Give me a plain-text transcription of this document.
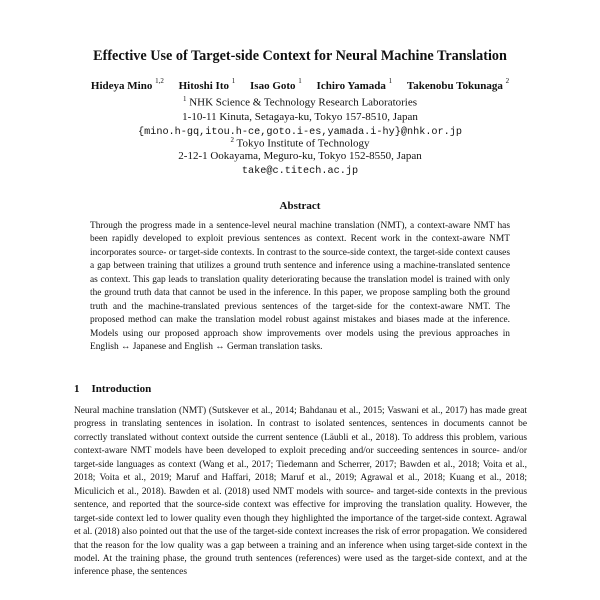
Effective Use of Target-side Context for Neural Machine Translation
Hideya Mino $^{1,2}$ Hitoshi Ito $^1$ Isao Goto $^1$ Ichiro Yamada $^1$ Takenobu Tokunaga $^2$
$^1$ NHK Science & Technology Research Laboratories
1-10-11 Kinuta, Setagaya-ku, Tokyo 157-8510, Japan
{mino.h-gq,itou.h-ce,goto.i-es,yamada.i-hy}@nhk.or.jp
$^2$ Tokyo Institute of Technology
2-12-1 Ookayama, Meguro-ku, Tokyo 152-8550, Japan
take@c.titech.ac.jp
Abstract
Through the progress made in a sentence-level neural machine translation (NMT), a context-aware NMT has been rapidly developed to exploit previous sentences as context. Recent work in the context-aware NMT incorporates source- or target-side contexts. In contrast to the source-side context, the target-side context causes a gap between training that utilizes a ground truth sentence and inference using a machine-translated sentence as context. This gap leads to translation quality deteriorating because the translation model is trained with only the ground truth data that cannot be used in the inference. In this paper, we propose sampling both the ground truth and the machine-translated previous sentences of the target-side for the context-aware NMT. The proposed method can make the translation model robust against mistakes and biases made at the inference. Models using our proposed approach show improvements over models using the previous approaches in English ↔ Japanese and English ↔ German translation tasks.
1 Introduction
Neural machine translation (NMT) (Sutskever et al., 2014; Bahdanau et al., 2015; Vaswani et al., 2017) has made great progress in translating sentences in isolation. In contrast to isolated sentences, sentences in documents cannot be correctly translated without context outside the current sentence (Läubli et al., 2018). To address this problem, various context-aware NMT models have been developed to exploit preceding and/or succeeding sentences in source- and/or target-side languages as context (Wang et al., 2017; Tiedemann and Scherrer, 2017; Bawden et al., 2018; Voita et al., 2018; Voita et al., 2019; Maruf and Haffari, 2018; Maruf et al., 2019; Agrawal et al., 2018; Kuang et al., 2018; Miculicich et al., 2018). Bawden et al. (2018) used NMT models with source- and target-side contexts in the previous sentence, and reported that the source-side context was effective for improving the translation quality. However, the target-side context led to lower quality even though they highlighted the importance of the target-side context. Agrawal et al. (2018) also pointed out that the use of the target-side context increases the risk of error propagation. We considered that the reason for the low quality was a gap between a training and an inference when using target-side context in the model. At the training phase, the ground truth sentences (references) were used as the target-side context, and at the inference phase, the sentences
